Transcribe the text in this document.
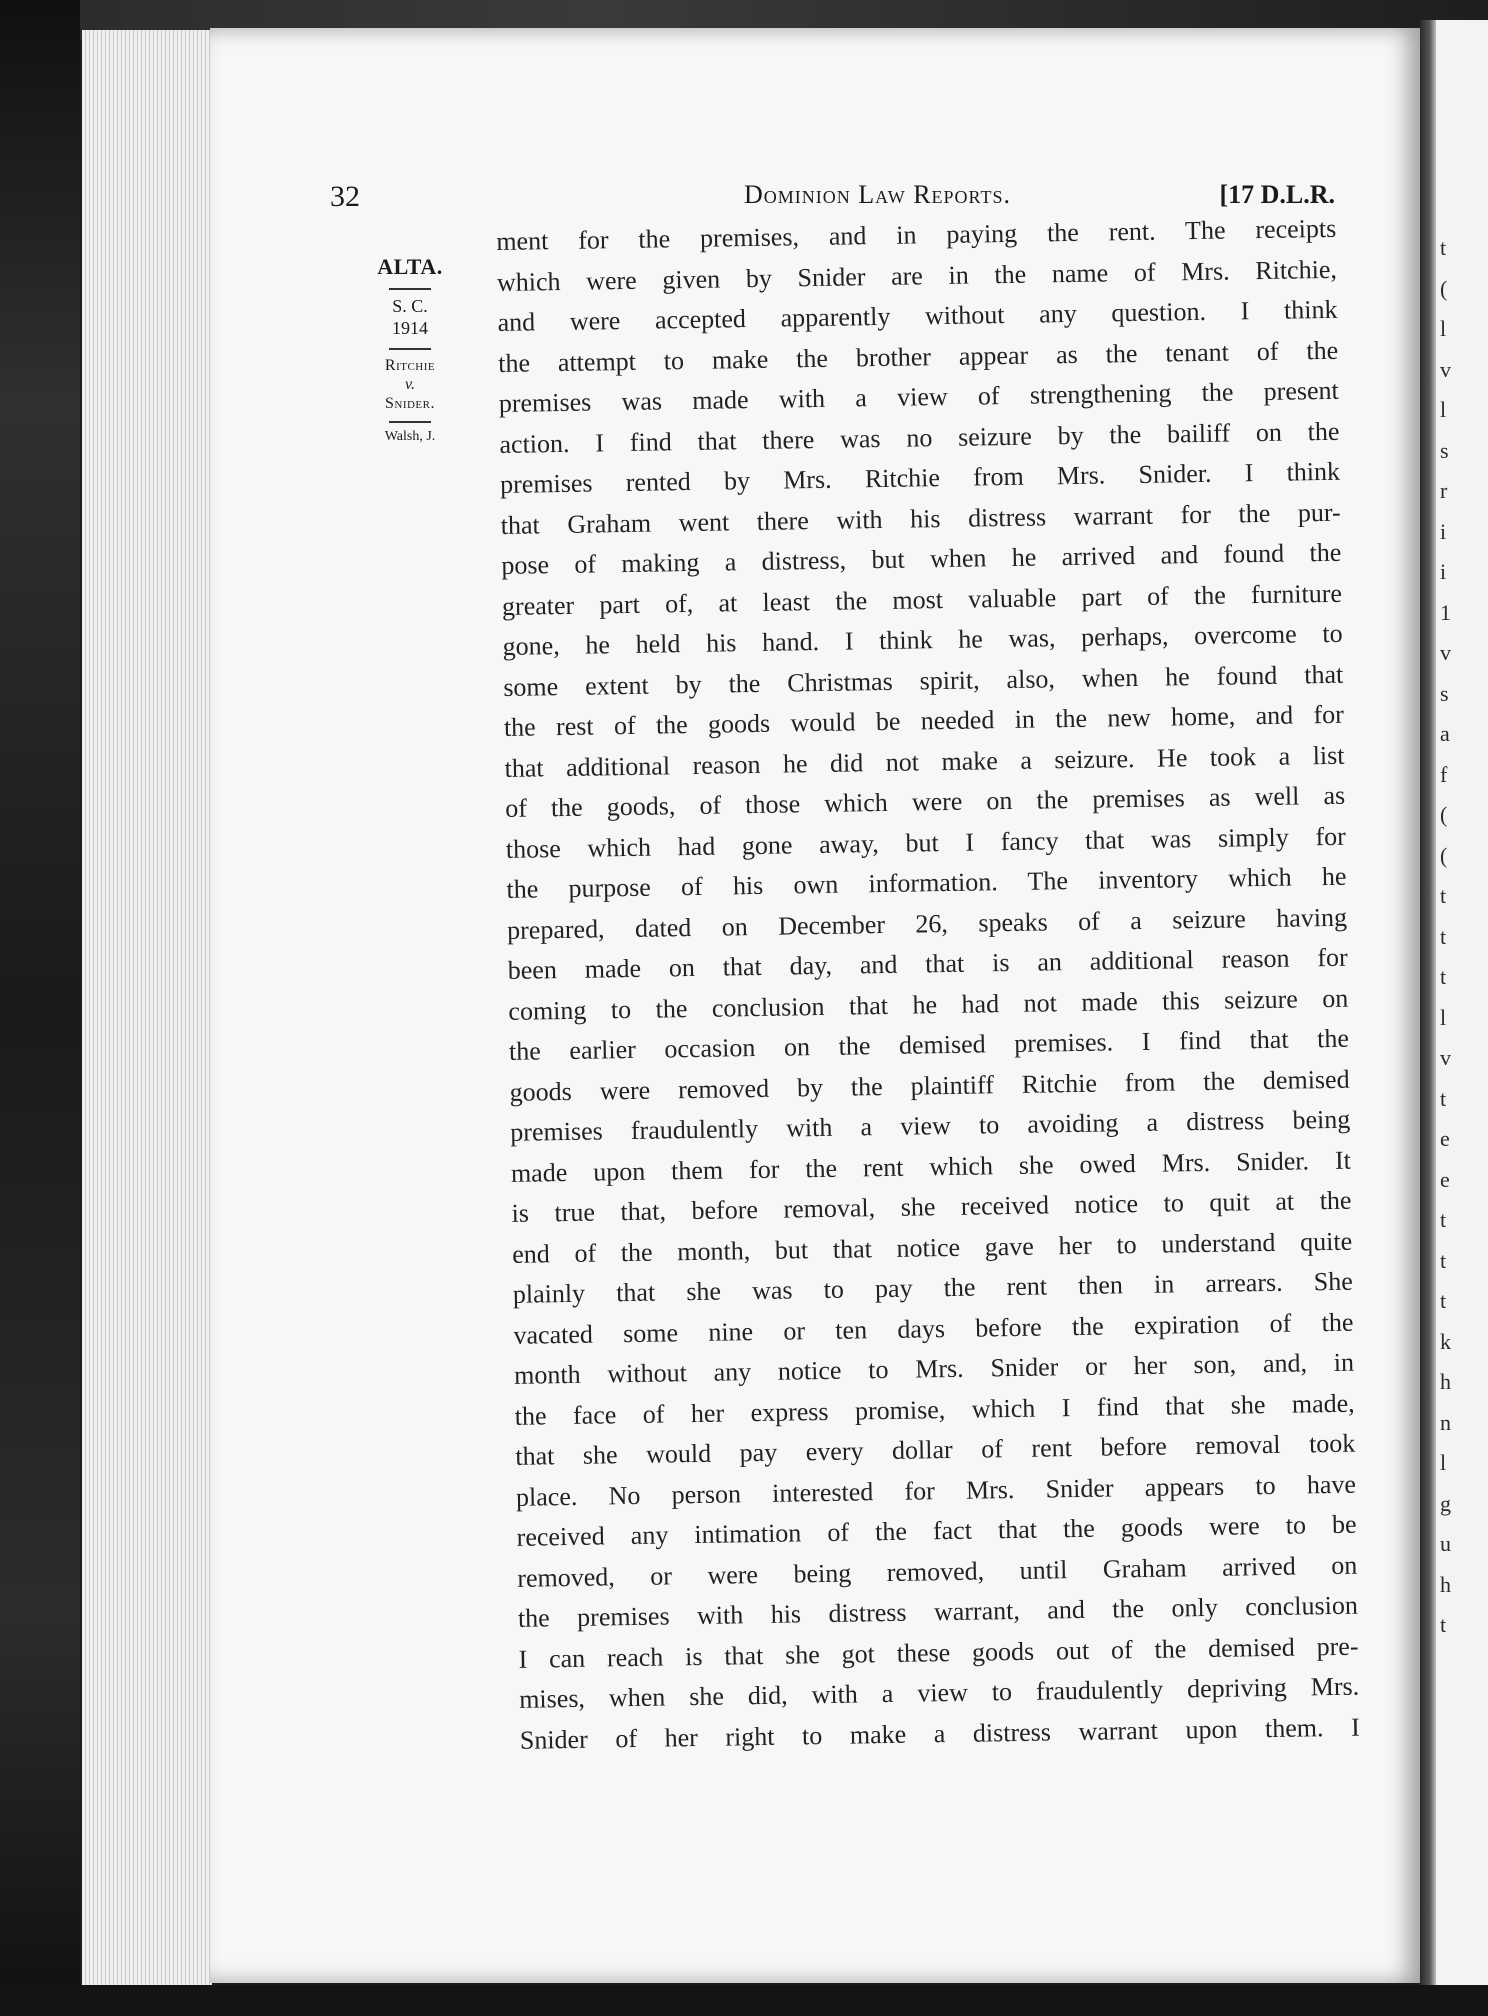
t
(
l
v
l
s
r
i
i
1
v
s
a
f
(
(
t
t
t
l
v
t
e
e
t
t
t
k
h
n
l
g
u
h
t
32	Dominion Law Reports.	[17 D.L.R.
ALTA.
S. C.
1914
Ritchie
v.
Snider.
Walsh, J.
ment for the premises, and in paying the rent. The receipts
which were given by Snider are in the name of Mrs. Ritchie,
and were accepted apparently without any question. I think
the attempt to make the brother appear as the tenant of the
premises was made with a view of strengthening the present
action. I find that there was no seizure by the bailiff on the
premises rented by Mrs. Ritchie from Mrs. Snider. I think
that Graham went there with his distress warrant for the pur-
pose of making a distress, but when he arrived and found the
greater part of, at least the most valuable part of the furniture
gone, he held his hand. I think he was, perhaps, overcome to
some extent by the Christmas spirit, also, when he found that
the rest of the goods would be needed in the new home, and for
that additional reason he did not make a seizure. He took a list
of the goods, of those which were on the premises as well as
those which had gone away, but I fancy that was simply for
the purpose of his own information. The inventory which he
prepared, dated on December 26, speaks of a seizure having
been made on that day, and that is an additional reason for
coming to the conclusion that he had not made this seizure on
the earlier occasion on the demised premises. I find that the
goods were removed by the plaintiff Ritchie from the demised
premises fraudulently with a view to avoiding a distress being
made upon them for the rent which she owed Mrs. Snider. It
is true that, before removal, she received notice to quit at the
end of the month, but that notice gave her to understand quite
plainly that she was to pay the rent then in arrears. She
vacated some nine or ten days before the expiration of the
month without any notice to Mrs. Snider or her son, and, in
the face of her express promise, which I find that she made,
that she would pay every dollar of rent before removal took
place. No person interested for Mrs. Snider appears to have
received any intimation of the fact that the goods were to be
removed, or were being removed, until Graham arrived on
the premises with his distress warrant, and the only conclusion
I can reach is that she got these goods out of the demised pre-
mises, when she did, with a view to fraudulently depriving Mrs.
Snider of her right to make a distress warrant upon them. I
